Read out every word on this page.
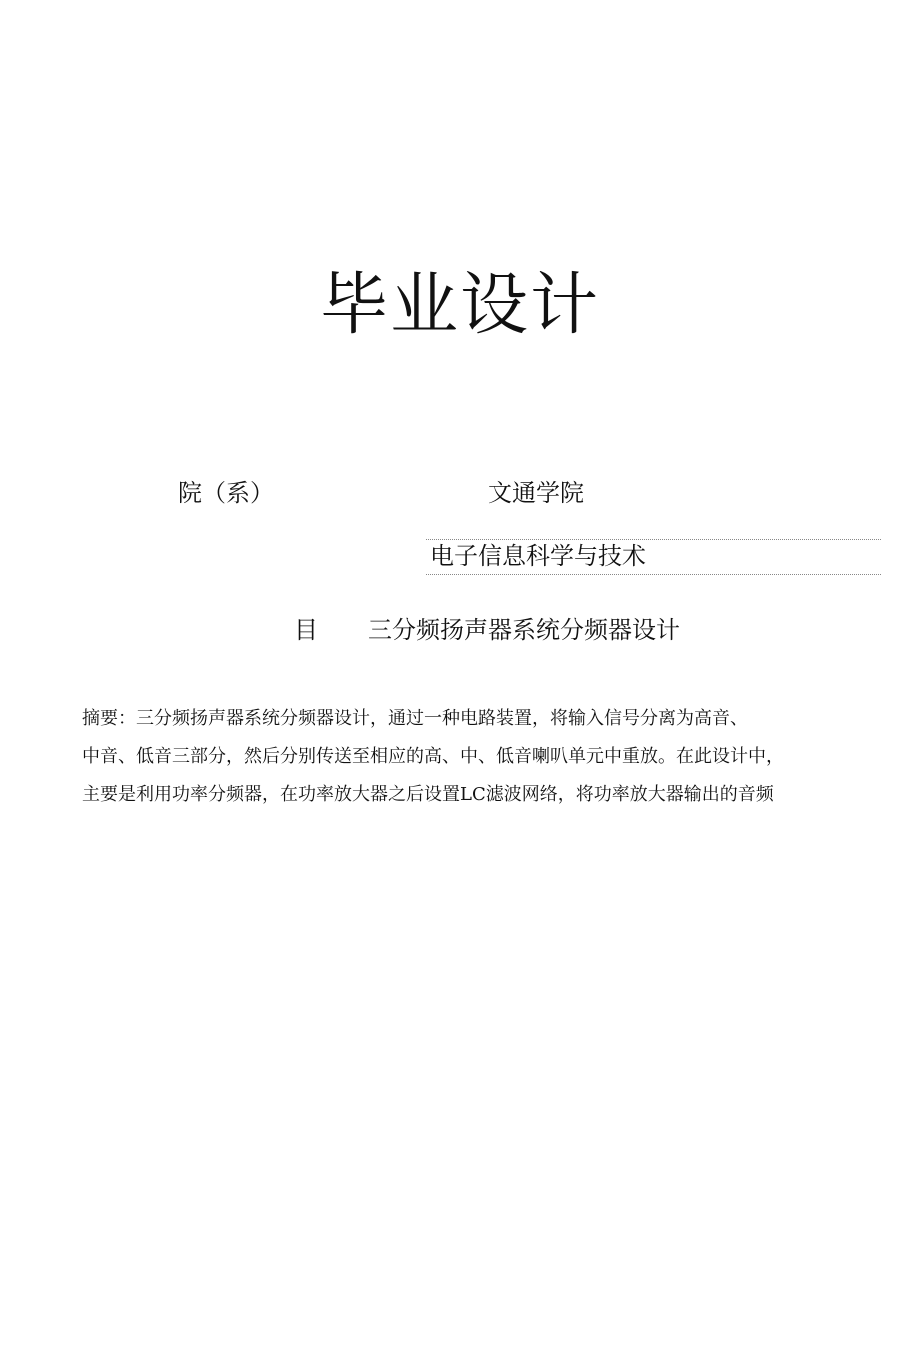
毕业设计
院（系）	文通学院
电子信息科学与技术
目 三分频扬声器系统分频器设计
摘要：三分频扬声器系统分频器设计，通过一种电路装置，将输入信号分离为高音、
中音、低音三部分，然后分别传送至相应的高、中、低音喇叭单元中重放。在此设计中，
主要是利用功率分频器，在功率放大器之后设置LC滤波网络，将功率放大器输出的音频
